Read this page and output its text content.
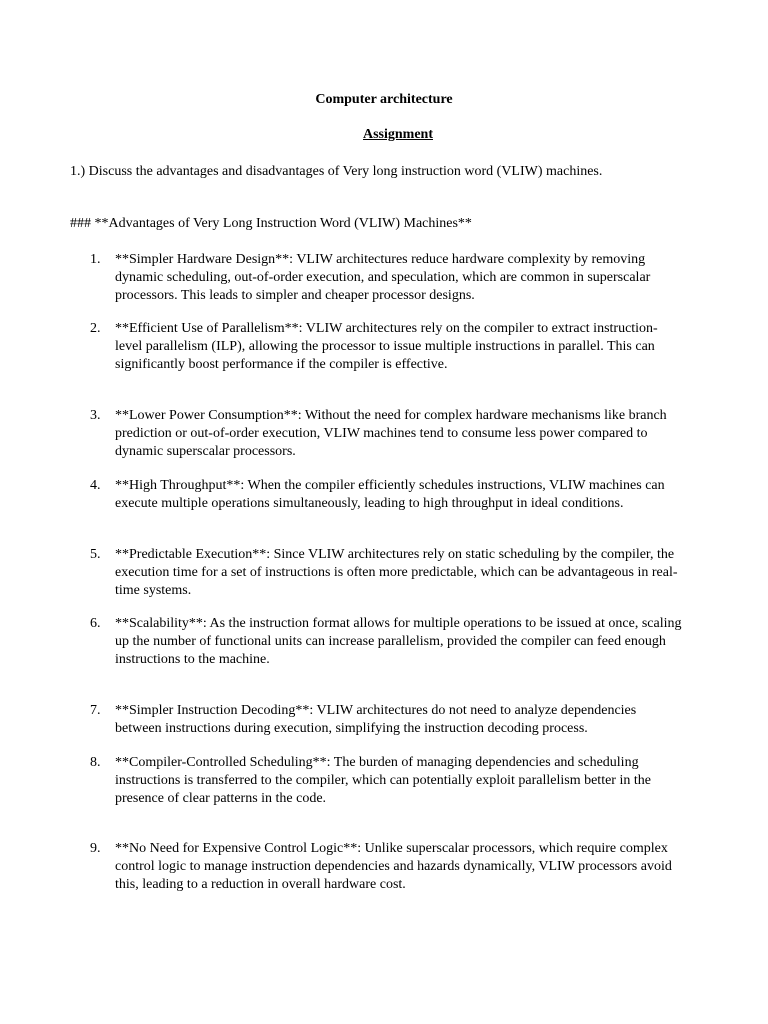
Computer architecture
Assignment
1.) Discuss the advantages and disadvantages of Very long instruction word (VLIW) machines.
### **Advantages of Very Long Instruction Word (VLIW) Machines**
1.	**Simpler Hardware Design**: VLIW architectures reduce hardware complexity by removing
dynamic scheduling, out-of-order execution, and speculation, which are common in superscalar
processors. This leads to simpler and cheaper processor designs.
2.	**Efficient Use of Parallelism**: VLIW architectures rely on the compiler to extract instruction-
level parallelism (ILP), allowing the processor to issue multiple instructions in parallel. This can
significantly boost performance if the compiler is effective.
3.	**Lower Power Consumption**: Without the need for complex hardware mechanisms like branch
prediction or out-of-order execution, VLIW machines tend to consume less power compared to
dynamic superscalar processors.
4.	**High Throughput**: When the compiler efficiently schedules instructions, VLIW machines can
execute multiple operations simultaneously, leading to high throughput in ideal conditions.
5.	**Predictable Execution**: Since VLIW architectures rely on static scheduling by the compiler, the
execution time for a set of instructions is often more predictable, which can be advantageous in real-
time systems.
6.	**Scalability**: As the instruction format allows for multiple operations to be issued at once, scaling
up the number of functional units can increase parallelism, provided the compiler can feed enough
instructions to the machine.
7.	**Simpler Instruction Decoding**: VLIW architectures do not need to analyze dependencies
between instructions during execution, simplifying the instruction decoding process.
8.	**Compiler-Controlled Scheduling**: The burden of managing dependencies and scheduling
instructions is transferred to the compiler, which can potentially exploit parallelism better in the
presence of clear patterns in the code.
9.	**No Need for Expensive Control Logic**: Unlike superscalar processors, which require complex
control logic to manage instruction dependencies and hazards dynamically, VLIW processors avoid
this, leading to a reduction in overall hardware cost.
